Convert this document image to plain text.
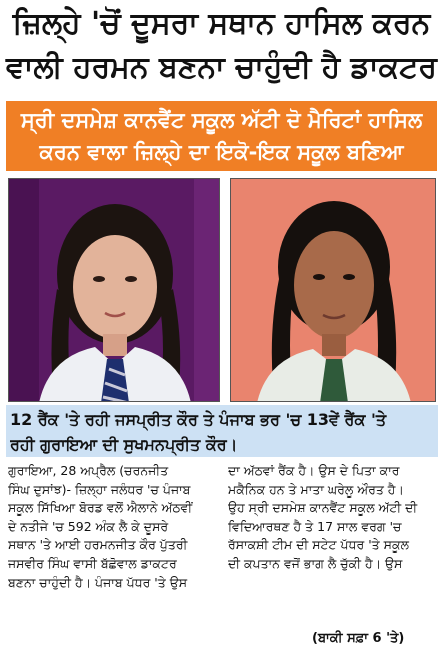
ਜ਼ਿਲ੍ਹੇ 'ਚੋਂ ਦੂਸਰਾ ਸਥਾਨ ਹਾਸਿਲ ਕਰਨ
ਵਾਲੀ ਹਰਮਨ ਬਣਨਾ ਚਾਹੁੰਦੀ ਹੈ ਡਾਕਟਰ
ਸ੍ਰੀ ਦਸਮੇਸ਼ ਕਾਨਵੈਂਟ ਸਕੂਲ ਅੱਟੀ ਦੋ ਮੈਰਿਟਾਂ ਹਾਸਿਲ
ਕਰਨ ਵਾਲਾ ਜ਼ਿਲ੍ਹੇ ਦਾ ਇਕੋ-ਇਕ ਸਕੂਲ ਬਣਿਆ
12 ਰੈਂਕ 'ਤੇ ਰਹੀ ਜਸਪ੍ਰੀਤ ਕੌਰ ਤੇ ਪੰਜਾਬ ਭਰ 'ਚ 13ਵੇਂ ਰੈਂਕ 'ਤੇ
ਰਹੀ ਗੁਰਾਇਆ ਦੀ ਸੁਖਮਨਪ੍ਰੀਤ ਕੌਰ।
ਗੁਰਾਇਆ, 28 ਅਪ੍ਰੈਲ (ਚਰਨਜੀਤ
ਸਿੰਘ ਦੁਸਾਂਝ)- ਜ਼ਿਲ੍ਹਾ ਜਲੰਧਰ 'ਚ ਪੰਜਾਬ
ਸਕੂਲ ਸਿੱਖਿਆ ਬੋਰਡ ਵਲੋਂ ਐਲਾਨੇ ਅੱਠਵੀਂ
ਦੇ ਨਤੀਜੇ 'ਚ 592 ਅੰਕ ਲੈ ਕੇ ਦੂਸਰੇ
ਸਥਾਨ 'ਤੇ ਆਈ ਹਰਮਨਜੀਤ ਕੌਰ ਪੁੱਤਰੀ
ਜਸਵੀਰ ਸਿੰਘ ਵਾਸੀ ਬੱਛੋਵਾਲ ਡਾਕਟਰ
ਬਣਨਾ ਚਾਹੁੰਦੀ ਹੈ। ਪੰਜਾਬ ਪੱਧਰ 'ਤੇ ਉਸ
ਦਾ ਅੱਠਵਾਂ ਰੈਂਕ ਹੈ। ਉਸ ਦੇ ਪਿਤਾ ਕਾਰ
ਮਕੈਨਿਕ ਹਨ ਤੇ ਮਾਤਾ ਘਰੇਲੂ ਔਰਤ ਹੈ।
ਉਹ ਸ੍ਰੀ ਦਸਮੇਸ਼ ਕਾਨਵੈਂਟ ਸਕੂਲ ਅੱਟੀ ਦੀ
ਵਿਦਿਆਰਥਣ ਹੈ ਤੇ 17 ਸਾਲ ਵਰਗ 'ਚ
ਰੱਸਾਕਸ਼ੀ ਟੀਮ ਦੀ ਸਟੇਟ ਪੱਧਰ 'ਤੇ ਸਕੂਲ
ਦੀ ਕਪਤਾਨ ਵਜੋਂ ਭਾਗ ਲੈ ਚੁੱਕੀ ਹੈ। ਉਸ
(ਬਾਕੀ ਸਫ਼ਾ 6 'ਤੇ)
